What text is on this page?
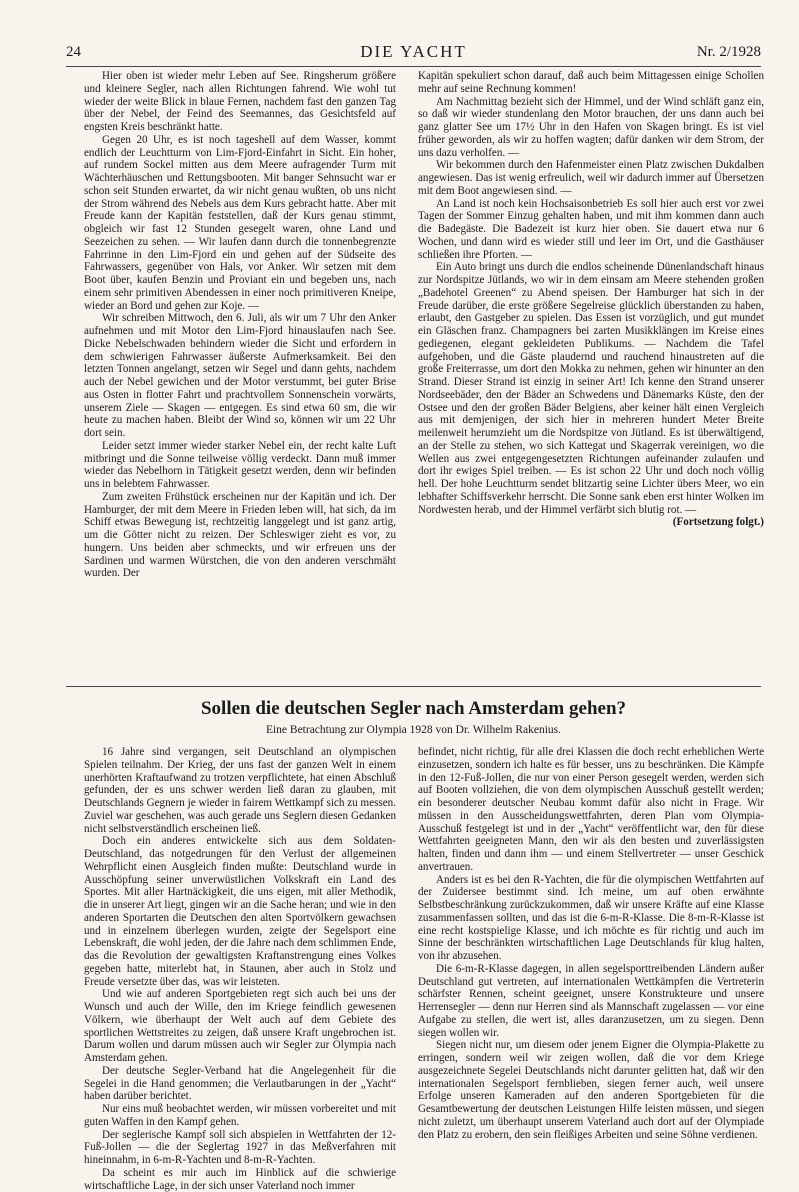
24	DIE YACHT	Nr. 2/1928

Hier oben ist wieder mehr Leben auf See. Ringsherum größere und kleinere Segler, nach allen Richtungen fahrend. Wie wohl tut wieder der weite Blick in blaue Fernen, nachdem fast den ganzen Tag über der Nebel, der Feind des Seemannes, das Gesichtsfeld auf engsten Kreis beschränkt hatte.

Gegen 20 Uhr, es ist noch tageshell auf dem Wasser, kommt endlich der Leuchtturm von Lim-Fjord-Einfahrt in Sicht. Ein hoher, auf rundem Sockel mitten aus dem Meere aufragender Turm mit Wächterhäuschen und Rettungsbooten. Mit banger Sehnsucht war er schon seit Stunden erwartet, da wir nicht genau wußten, ob uns nicht der Strom während des Nebels aus dem Kurs gebracht hatte. Aber mit Freude kann der Kapitän feststellen, daß der Kurs genau stimmt, obgleich wir fast 12 Stunden gesegelt waren, ohne Land und Seezeichen zu sehen. — Wir laufen dann durch die tonnenbegrenzte Fahrrinne in den Lim-Fjord ein und gehen auf der Südseite des Fahrwassers, gegenüber von Hals, vor Anker. Wir setzen mit dem Boot über, kaufen Benzin und Proviant ein und begeben uns, nach einem sehr primitiven Abendessen in einer noch primitiveren Kneipe, wieder an Bord und gehen zur Koje. —

Wir schreiben Mittwoch, den 6. Juli, als wir um 7 Uhr den Anker aufnehmen und mit Motor den Lim-Fjord hinauslaufen nach See. Dicke Nebelschwaden behindern wieder die Sicht und erfordern in dem schwierigen Fahrwasser äußerste Aufmerksamkeit. Bei den letzten Tonnen angelangt, setzen wir Segel und dann gehts, nachdem auch der Nebel gewichen und der Motor verstummt, bei guter Brise aus Osten in flotter Fahrt und prachtvollem Sonnenschein vorwärts, unserem Ziele — Skagen — entgegen. Es sind etwa 60 sm, die wir heute zu machen haben. Bleibt der Wind so, können wir um 22 Uhr dort sein.

Leider setzt immer wieder starker Nebel ein, der recht kalte Luft mitbringt und die Sonne teilweise völlig verdeckt. Dann muß immer wieder das Nebelhorn in Tätigkeit gesetzt werden, denn wir befinden uns in belebtem Fahrwasser.

Zum zweiten Frühstück erscheinen nur der Kapitän und ich. Der Hamburger, der mit dem Meere in Frieden leben will, hat sich, da im Schiff etwas Bewegung ist, rechtzeitig langgelegt und ist ganz artig, um die Götter nicht zu reizen. Der Schleswiger zieht es vor, zu hungern. Uns beiden aber schmeckts, und wir erfreuen uns der Sardinen und warmen Würstchen, die von den anderen verschmäht wurden. Der

Kapitän spekuliert schon darauf, daß auch beim Mittagessen einige Schollen mehr auf seine Rechnung kommen!

Am Nachmittag bezieht sich der Himmel, und der Wind schläft ganz ein, so daß wir wieder stundenlang den Motor brauchen, der uns dann auch bei ganz glatter See um 17½ Uhr in den Hafen von Skagen bringt. Es ist viel früher geworden, als wir zu hoffen wagten; dafür danken wir dem Strom, der uns dazu verholfen. —

Wir bekommen durch den Hafenmeister einen Platz zwischen Dukdalben angewiesen. Das ist wenig erfreulich, weil wir dadurch immer auf Übersetzen mit dem Boot angewiesen sind. —

An Land ist noch kein Hochsaisonbetrieb Es soll hier auch erst vor zwei Tagen der Sommer Einzug gehalten haben, und mit ihm kommen dann auch die Badegäste. Die Badezeit ist kurz hier oben. Sie dauert etwa nur 6 Wochen, und dann wird es wieder still und leer im Ort, und die Gasthäuser schließen ihre Pforten. —

Ein Auto bringt uns durch die endlos scheinende Dünenlandschaft hinaus zur Nordspitze Jütlands, wo wir in dem einsam am Meere stehenden großen „Badehotel Greenen“ zu Abend speisen. Der Hamburger hat sich in der Freude darüber, die erste größere Segelreise glücklich überstanden zu haben, erlaubt, den Gastgeber zu spielen. Das Essen ist vorzüglich, und gut mundet ein Gläschen franz. Champagners bei zarten Musikklängen im Kreise eines gediegenen, elegant gekleideten Publikums. — Nachdem die Tafel aufgehoben, und die Gäste plaudernd und rauchend hinaustreten auf die große Freiterrasse, um dort den Mokka zu nehmen, gehen wir hinunter an den Strand. Dieser Strand ist einzig in seiner Art! Ich kenne den Strand unserer Nordseebäder, den der Bäder an Schwedens und Dänemarks Küste, den der Ostsee und den der großen Bäder Belgiens, aber keiner hält einen Vergleich aus mit demjenigen, der sich hier in mehreren hundert Meter Breite meilenweit herumzieht um die Nordspitze von Jütland. Es ist überwältigend, an der Stelle zu stehen, wo sich Kattegat und Skagerrak vereinigen, wo die Wellen aus zwei entgegengesetzten Richtungen aufeinander zulaufen und dort ihr ewiges Spiel treiben. — Es ist schon 22 Uhr und doch noch völlig hell. Der hohe Leuchtturm sendet blitzartig seine Lichter übers Meer, wo ein lebhafter Schiffsverkehr herrscht. Die Sonne sank eben erst hinter Wolken im Nordwesten herab, und der Himmel verfärbt sich blutig rot. —

(Fortsetzung folgt.)

Sollen die deutschen Segler nach Amsterdam gehen?
Eine Betrachtung zur Olympia 1928 von Dr. Wilhelm Rakenius.

16 Jahre sind vergangen, seit Deutschland an olympischen Spielen teilnahm. Der Krieg, der uns fast der ganzen Welt in einem unerhörten Kraftaufwand zu trotzen verpflichtete, hat einen Abschluß gefunden, der es uns schwer werden ließ daran zu glauben, mit Deutschlands Gegnern je wieder in fairem Wettkampf sich zu messen. Zuviel war geschehen, was auch gerade uns Seglern diesen Gedanken nicht selbstverständlich erscheinen ließ.

Doch ein anderes entwickelte sich aus dem Soldaten-Deutschland, das notgedrungen für den Verlust der allgemeinen Wehrpflicht einen Ausgleich finden mußte: Deutschland wurde in Ausschöpfung seiner unverwüstlichen Volkskraft ein Land des Sportes. Mit aller Hartnäckigkeit, die uns eigen, mit aller Methodik, die in unserer Art liegt, gingen wir an die Sache heran; und wie in den anderen Sportarten die Deutschen den alten Sportvölkern gewachsen und in einzelnem überlegen wurden, zeigte der Segelsport eine Lebenskraft, die wohl jeden, der die Jahre nach dem schlimmen Ende, das die Revolution der gewaltigsten Kraftanstrengung eines Volkes gegeben hatte, miterlebt hat, in Staunen, aber auch in Stolz und Freude versetzte über das, was wir leisteten.

Und wie auf anderen Sportgebieten regt sich auch bei uns der Wunsch und auch der Wille, den im Kriege feindlich gewesenen Völkern, wie überhaupt der Welt auch auf dem Gebiete des sportlichen Wettstreites zu zeigen, daß unsere Kraft ungebrochen ist. Darum wollen und darum müssen auch wir Segler zur Olympia nach Amsterdam gehen.

Der deutsche Segler-Verband hat die Angelegenheit für die Segelei in die Hand genommen; die Verlautbarungen in der „Yacht“ haben darüber berichtet.

Nur eins muß beobachtet werden, wir müssen vorbereitet und mit guten Waffen in den Kampf gehen.

Der seglerische Kampf soll sich abspielen in Wettfahrten der 12-Fuß-Jollen — die der Seglertag 1927 in das Meßverfahren mit hineinnahm, in 6-m-R-Yachten und 8-m-R-Yachten.

Da scheint es mir auch im Hinblick auf die schwierige wirtschaftliche Lage, in der sich unser Vaterland noch immer

befindet, nicht richtig, für alle drei Klassen die doch recht erheblichen Werte einzusetzen, sondern ich halte es für besser, uns zu beschränken. Die Kämpfe in den 12-Fuß-Jollen, die nur von einer Person gesegelt werden, werden sich auf Booten vollziehen, die von dem olympischen Ausschuß gestellt werden; ein besonderer deutscher Neubau kommt dafür also nicht in Frage. Wir müssen in den Ausscheidungswettfahrten, deren Plan vom Olympia-Ausschuß festgelegt ist und in der „Yacht“ veröffentlicht war, den für diese Wettfahrten geeigneten Mann, den wir als den besten und zuverlässigsten halten, finden und dann ihm — und einem Stellvertreter — unser Geschick anvertrauen.

Anders ist es bei den R-Yachten, die für die olympischen Wettfahrten auf der Zuidersee bestimmt sind. Ich meine, um auf oben erwähnte Selbstbeschränkung zurückzukommen, daß wir unsere Kräfte auf eine Klasse zusammenfassen sollten, und das ist die 6-m-R-Klasse. Die 8-m-R-Klasse ist eine recht kostspielige Klasse, und ich möchte es für richtig und auch im Sinne der beschränkten wirtschaftlichen Lage Deutschlands für klug halten, von ihr abzusehen.

Die 6-m-R-Klasse dagegen, in allen segelsporttreibenden Ländern außer Deutschland gut vertreten, auf internationalen Wettkämpfen die Vertreterin schärfster Rennen, scheint geeignet, unsere Konstrukteure und unsere Herrensegler — denn nur Herren sind als Mannschaft zugelassen — vor eine Aufgabe zu stellen, die wert ist, alles daranzusetzen, um zu siegen. Denn siegen wollen wir.

Siegen nicht nur, um diesem oder jenem Eigner die Olympia-Plakette zu erringen, sondern weil wir zeigen wollen, daß die vor dem Kriege ausgezeichnete Segelei Deutschlands nicht darunter gelitten hat, daß wir den internationalen Segelsport fernblieben, siegen ferner auch, weil unsere Erfolge unseren Kameraden auf den anderen Sportgebieten für die Gesamtbewertung der deutschen Leistungen Hilfe leisten müssen, und siegen nicht zuletzt, um überhaupt unserem Vaterland auch dort auf der Olympiade den Platz zu erobern, den sein fleißiges Arbeiten und seine Söhne verdienen.
